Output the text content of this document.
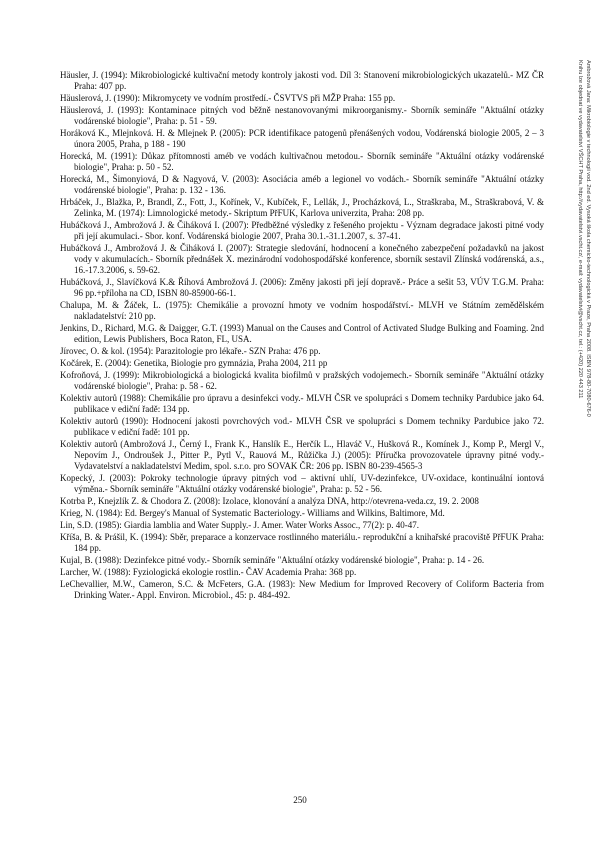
Häusler, J. (1994): Mikrobiologické kultivační metody kontroly jakosti vod. Díl 3: Stanovení mikrobiologických ukazatelů.- MZ ČR Praha: 407 pp.

Häuslerová, J. (1990): Mikromycety ve vodním prostředí.- ČSVTVS při MŽP Praha: 155 pp.

Häuslerová, J. (1993): Kontaminace pitných vod běžně nestanovovanými mikroorganismy.- Sborník semináře "Aktuální otázky vodárenské biologie", Praha: p. 51 - 59.

Horáková K., Mlejnková. H. & Mlejnek P. (2005): PCR identifikace patogenů přenášených vodou, Vodárenská biologie 2005, 2 – 3 února 2005, Praha, p 188 - 190

Horecká, M. (1991): Důkaz přítomnosti améb ve vodách kultivačnou metodou.- Sborník semináře "Aktuální otázky vodárenské biologie", Praha: p. 50 - 52.

Horecká, M., Šimonyiová, D & Nagyová, V. (2003): Asociácia améb a legionel vo vodách.- Sborník semináře "Aktuální otázky vodárenské biologie", Praha: p. 132 - 136.

Hrbáček, J., Blažka, P., Brandl, Z., Fott, J., Kořínek, V., Kubíček, F., Lellák, J., Procházková, L., Straškraba, M., Straškrabová, V. & Zelinka, M. (1974): Limnologické metody.- Skriptum PřFUK, Karlova univerzita, Praha: 208 pp.

Hubáčková J., Ambrožová J. & Čiháková I. (2007): Předběžné výsledky z řešeného projektu - Význam degradace jakosti pitné vody při její akumulaci.- Sbor. konf. Vodárenská biologie 2007, Praha 30.1.-31.1.2007, s. 37-41.

Hubáčková J., Ambrožová J. & Čiháková I. (2007): Strategie sledování, hodnocení a konečného zabezpečení požadavků na jakost vody v akumulacích.- Sborník přednášek X. mezinárodní vodohospodářské konference, sborník sestavil Zlínská vodárenská, a.s., 16.-17.3.2006, s. 59-62.

Hubáčková, J., Slavíčková K.& Říhová Ambrožová J. (2006): Změny jakosti při její dopravě.- Práce a sešit 53, VÚV T.G.M. Praha: 96 pp.+příloha na CD, ISBN 80-85900-66-1.

Chalupa, M. & Žáček, L. (1975): Chemikálie a provozní hmoty ve vodním hospodářství.- MLVH ve Státním zemědělském nakladatelství: 210 pp.

Jenkins, D., Richard, M.G. & Daigger, G.T. (1993) Manual on the Causes and Control of Activated Sludge Bulking and Foaming. 2nd edition, Lewis Publishers, Boca Raton, FL, USA.

Jírovec, O. & kol. (1954): Parazitologie pro lékaře.- SZN Praha: 476 pp.

Kočárek, E. (2004): Genetika, Biologie pro gymnázia, Praha 2004, 211 pp

Kofroňová, J. (1999): Mikrobiologická a biologická kvalita biofilmů v pražských vodojemech.- Sborník semináře "Aktuální otázky vodárenské biologie", Praha: p. 58 - 62.

Kolektiv autorů (1988): Chemikálie pro úpravu a desinfekci vody.- MLVH ČSR ve spolupráci s Domem techniky Pardubice jako 64. publikace v ediční řadě: 134 pp.

Kolektiv autorů (1990): Hodnocení jakosti povrchových vod.- MLVH ČSR ve spolupráci s Domem techniky Pardubice jako 72. publikace v ediční řadě: 101 pp.

Kolektiv autorů (Ambrožová J., Černý I., Frank K., Hanslík E., Herčík L., Hlaváč V., Hušková R., Komínek J., Komp P., Mergl V., Nepovím J., Ondroušek J., Pitter P., Pytl V., Rauová M., Růžička J.) (2005): Příručka provozovatele úpravny pitné vody.- Vydavatelství a nakladatelství Medim, spol. s.r.o. pro SOVAK ČR: 206 pp. ISBN 80-239-4565-3

Kopecký, J. (2003): Pokroky technologie úpravy pitných vod – aktivní uhlí, UV-dezinfekce, UV-oxidace, kontinuální iontová výměna.- Sborník semináře "Aktuální otázky vodárenské biologie", Praha: p. 52 - 56.

Kotrba P., Knejzlík Z. & Chodora Z. (2008): Izolace, klonování a analýza DNA, http://otevrena-veda.cz, 19. 2. 2008

Krieg, N. (1984): Ed. Bergey's Manual of Systematic Bacteriology.- Williams and Wilkins, Baltimore, Md.

Lin, S.D. (1985): Giardia lamblia and Water Supply.- J. Amer. Water Works Assoc., 77(2): p. 40-47.

Kříša, B. & Prášil, K. (1994): Sběr, preparace a konzervace rostlinného materiálu.- reprodukční a knihařské pracoviště PřFUK Praha: 184 pp.

Kujal, B. (1988): Dezinfekce pitné vody.- Sborník semináře "Aktuální otázky vodárenské biologie", Praha: p. 14 - 26.

Larcher, W. (1988): Fyziologická ekologie rostlin.- ČAV Academia Praha: 368 pp.

LeChevallier, M.W., Cameron, S.C. & McFeters, G.A. (1983): New Medium for Improved Recovery of Coliform Bacteria from Drinking Water.- Appl. Environ. Microbiol., 45: p. 484-492.

250
Ambrožová Jana: Mikrobiologie v technologii vod. 2nd ed. Vysoká škola chemicko-technologická v Praze, Praha 2008. ISBN 978-80-7080-676-0
Knihu lze objednat ve vydavatelství VŠCHT Praha, http://vydavatelstvi.vscht.cz/, e-mail: vydavatelstvi@vscht.cz, tel.: (+420) 220 443 211
